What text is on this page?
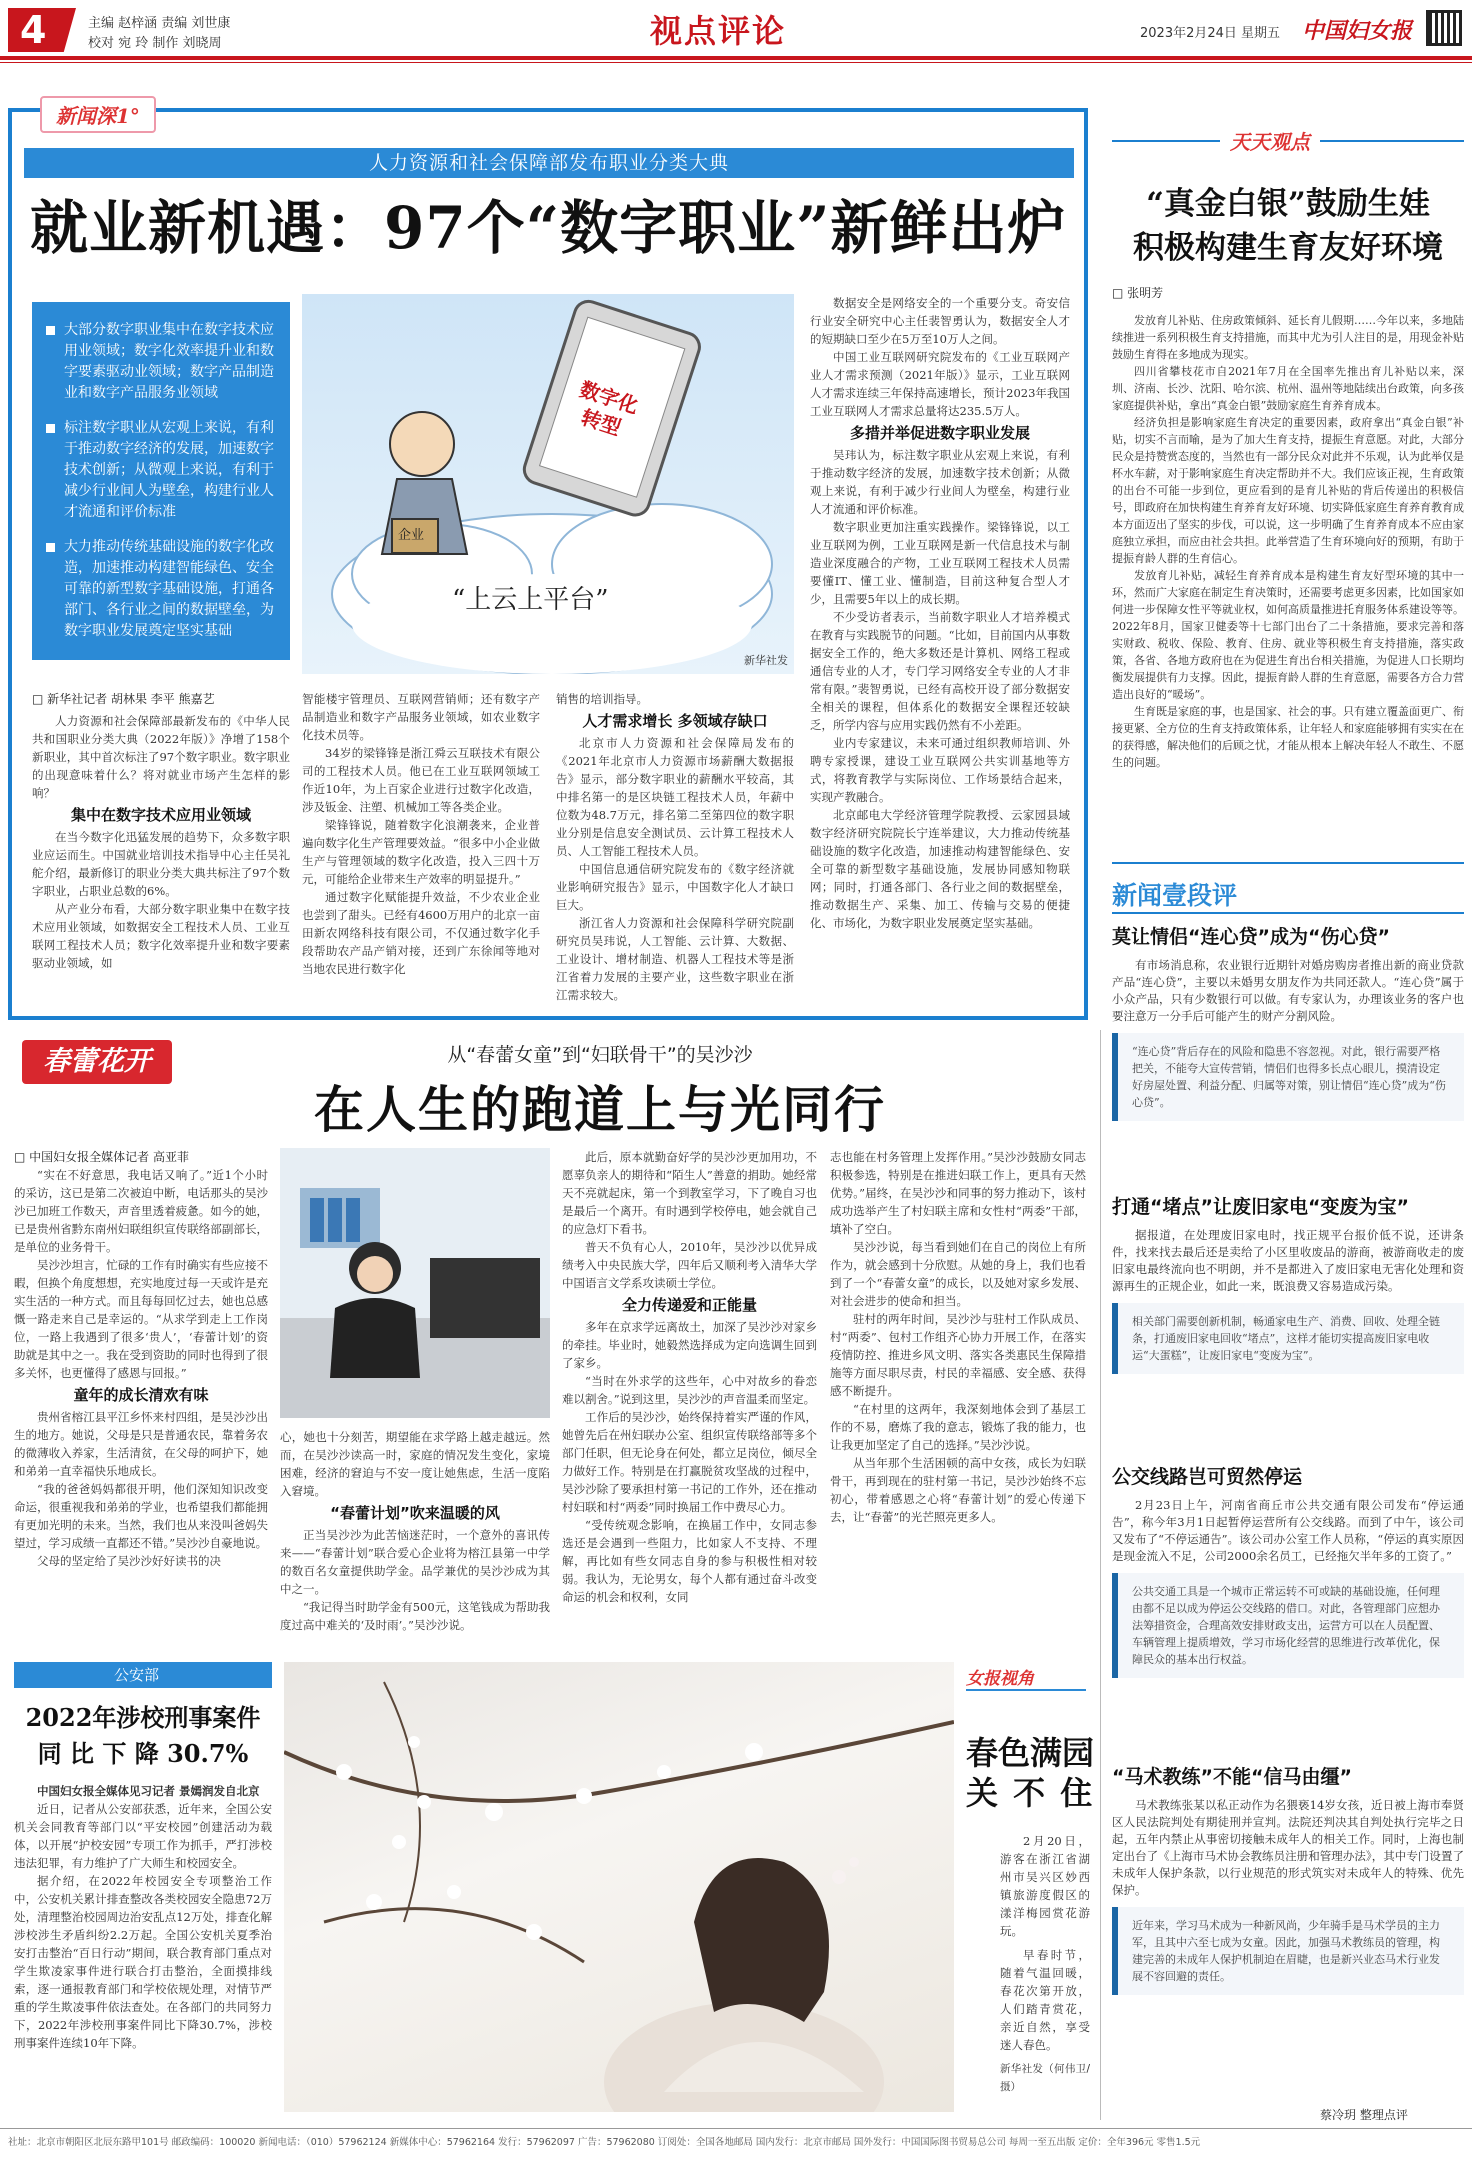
4	主编 赵梓涵 责编 刘世康
校对 宛 玲 制作 刘晓周	视点评论	2023年2月24日 星期五 中国妇女报
新闻深1°
人力资源和社会保障部发布职业分类大典
就业新机遇：97个“数字职业”新鲜出炉

大部分数字职业集中在数字技术应用业领域；数字化效率提升业和数字要素驱动业领域；数字产品制造业和数字产品服务业领域

标注数字职业从宏观上来说，有利于推动数字经济的发展，加速数字技术创新；从微观上来说，有利于减少行业间人为壁垒，构建行业人才流通和评价标准

大力推动传统基础设施的数字化改造，加速推动构建智能绿色、安全可靠的新型数字基础设施，打通各部门、各行业之间的数据壁垒，为数字职业发展奠定坚实基础

数字化转型
“上云上平台”
企业
新华社发
□ 新华社记者 胡林果 李平 熊嘉艺

人力资源和社会保障部最新发布的《中华人民共和国职业分类大典（2022年版）》净增了158个新职业，其中首次标注了97个数字职业。数字职业的出现意味着什么？将对就业市场产生怎样的影响？

集中在数字技术应用业领域

在当今数字化迅猛发展的趋势下，众多数字职业应运而生。中国就业培训技术指导中心主任吴礼舵介绍，最新修订的职业分类大典共标注了97个数字职业，占职业总数的6%。

从产业分布看，大部分数字职业集中在数字技术应用业领域，如数据安全工程技术人员、工业互联网工程技术人员；数字化效率提升业和数字要素驱动业领域，如

智能楼宇管理员、互联网营销师；还有数字产品制造业和数字产品服务业领域，如农业数字化技术员等。

34岁的梁锋锋是浙江舜云互联技术有限公司的工程技术人员。他已在工业互联网领域工作近10年，为上百家企业进行过数字化改造，涉及钣金、注塑、机械加工等各类企业。

梁锋锋说，随着数字化浪潮袭来，企业普遍向数字化生产管理要效益。“很多中小企业做生产与管理领域的数字化改造，投入三四十万元，可能给企业带来生产效率的明显提升。”

通过数字化赋能提升效益，不少农业企业也尝到了甜头。已经有4600万用户的北京一亩田新农网络科技有限公司，不仅通过数字化手段帮助农产品产销对接，还到广东徐闻等地对当地农民进行数字化

销售的培训指导。

人才需求增长 多领域存缺口

北京市人力资源和社会保障局发布的《2021年北京市人力资源市场薪酬大数据报告》显示，部分数字职业的薪酬水平较高，其中排名第一的是区块链工程技术人员，年薪中位数为48.7万元，排名第二至第四位的数字职业分别是信息安全测试员、云计算工程技术人员、人工智能工程技术人员。

中国信息通信研究院发布的《数字经济就业影响研究报告》显示，中国数字化人才缺口巨大。

浙江省人力资源和社会保障科学研究院副研究员吴玮说，人工智能、云计算、大数据、工业设计、增材制造、机器人工程技术等是浙江省着力发展的主要产业，这些数字职业在浙江需求较大。

数据安全是网络安全的一个重要分支。奇安信行业安全研究中心主任裴智勇认为，数据安全人才的短期缺口至少在5万至10万人之间。

中国工业互联网研究院发布的《工业互联网产业人才需求预测（2021年版）》显示，工业互联网人才需求连续三年保持高速增长，预计2023年我国工业互联网人才需求总量将达235.5万人。

多措并举促进数字职业发展

吴玮认为，标注数字职业从宏观上来说，有利于推动数字经济的发展，加速数字技术创新；从微观上来说，有利于减少行业间人为壁垒，构建行业人才流通和评价标准。

数字职业更加注重实践操作。梁锋锋说，以工业互联网为例，工业互联网是新一代信息技术与制造业深度融合的产物，工业互联网工程技术人员需要懂IT、懂工业、懂制造，目前这种复合型人才少，且需要5年以上的成长期。

不少受访者表示，当前数字职业人才培养模式在教育与实践脱节的问题。“比如，目前国内从事数据安全工作的，绝大多数还是计算机、网络工程或通信专业的人才，专门学习网络安全专业的人才非常有限。”裴智勇说，已经有高校开设了部分数据安全相关的课程，但体系化的数据安全课程还较缺乏，所学内容与应用实践仍然有不小差距。

业内专家建议，未来可通过组织教师培训、外聘专家授课，建设工业互联网公共实训基地等方式，将教育教学与实际岗位、工作场景结合起来，实现产教融合。

北京邮电大学经济管理学院教授、云家园县域数字经济研究院院长宁连举建议，大力推动传统基础设施的数字化改造，加速推动构建智能绿色、安全可靠的新型数字基础设施，发展协同感知物联网；同时，打通各部门、各行业之间的数据壁垒，推动数据生产、采集、加工、传输与交易的便捷化、市场化，为数字职业发展奠定坚实基础。

天天观点
“真金白银”鼓励生娃
积极构建生育友好环境
□ 张明芳

发放育儿补贴、住房政策倾斜、延长育儿假期……今年以来，多地陆续推进一系列积极生育支持措施，而其中尤为引人注目的是，用现金补贴鼓励生育得在多地成为现实。

四川省攀枝花市自2021年7月在全国率先推出育儿补贴以来，深圳、济南、长沙、沈阳、哈尔滨、杭州、温州等地陆续出台政策，向多孩家庭提供补贴，拿出“真金白银”鼓励家庭生育养育成本。

经济负担是影响家庭生育决定的重要因素，政府拿出“真金白银”补贴，切实不言而喻，是为了加大生育支持，提振生育意愿。对此，大部分民众是持赞赏态度的，当然也有一部分民众对此并不乐观，认为此举仅是杯水车薪，对于影响家庭生育决定帮助并不大。我们应该正视，生育政策的出台不可能一步到位，更应看到的是育儿补贴的背后传递出的积极信号，即政府在加快构建生育养育友好环境、切实降低家庭生育养育教育成本方面迈出了坚实的步伐，可以说，这一步明确了生育养育成本不应由家庭独立承担，而应由社会共担。此举营造了生育环境向好的预期，有助于提振育龄人群的生育信心。

发放育儿补贴，减轻生育养育成本是构建生育友好型环境的其中一环，然而广大家庭在制定生育决策时，还需要考虑更多因素，比如国家如何进一步保障女性平等就业权，如何高质量推进托育服务体系建设等等。2022年8月，国家卫健委等十七部门出台了二十条措施，要求完善和落实财政、税收、保险、教育、住房、就业等积极生育支持措施，落实政策，各省、各地方政府也在为促进生育出台相关措施，为促进人口长期均衡发展提供有力支撑。因此，提振育龄人群的生育意愿，需要各方合力营造出良好的“暖场”。

生育既是家庭的事，也是国家、社会的事。只有建立覆盖面更广、衔接更紧、全方位的生育支持政策体系，让年轻人和家庭能够拥有实实在在的获得感，解决他们的后顾之忧，才能从根本上解决年轻人不敢生、不愿生的问题。

新闻壹段评
莫让情侣“连心贷”成为“伤心贷”
有市场消息称，农业银行近期针对婚房购房者推出新的商业贷款产品“连心贷”，主要以未婚男女朋友作为共同还款人。“连心贷”属于小众产品，只有少数银行可以做。有专家认为，办理该业务的客户也要注意万一分手后可能产生的财产分割风险。
“连心贷”背后存在的风险和隐患不容忽视。对此，银行需要严格把关，不能夸大宣传营销，情侣们也得多长点心眼儿，摸清设定好房屋处置、利益分配、归属等对策，别让情侣“连心贷”成为“伤心贷”。
打通“堵点”让废旧家电“变废为宝”
据报道，在处理废旧家电时，找正规平台报价低不说，还讲条件，找来找去最后还是卖给了小区里收废品的游商，被游商收走的废旧家电最终流向也不明朗，并不是都进入了废旧家电无害化处理和资源再生的正规企业，如此一来，既浪费又容易造成污染。
相关部门需要创新机制，畅通家电生产、消费、回收、处理全链条，打通废旧家电回收“堵点”，这样才能切实提高废旧家电收运“大蛋糕”，让废旧家电“变废为宝”。
公交线路岂可贸然停运
2月23日上午，河南省商丘市公共交通有限公司发布“停运通告”，称今年3月1日起暂停运营所有公交线路。而到了中午，该公司又发布了“不停运通告”。该公司办公室工作人员称，“停运的真实原因是现金流入不足，公司2000余名员工，已经拖欠半年多的工资了。”
公共交通工具是一个城市正常运转不可或缺的基础设施，任何理由都不足以成为停运公交线路的借口。对此，各管理部门应想办法筹措资金，合理高效安排财政支出，运营方可以在人员配置、车辆管理上提质增效，学习市场化经营的思维进行改革优化，保障民众的基本出行权益。
“马术教练”不能“信马由缰”
马术教练张某以私正动作为名猥亵14岁女孩，近日被上海市奉贤区人民法院判处有期徒刑并宣判。法院还判决其自判处执行完毕之日起，五年内禁止从事密切接触未成年人的相关工作。同时，上海也制定出台了《上海市马术协会教练员注册和管理办法》，其中专门设置了未成年人保护条款，以行业规范的形式筑实对未成年人的特殊、优先保护。
近年来，学习马术成为一种新风尚，少年骑手是马术学员的主力军，且其中六至七成为女童。因此，加强马术教练员的管理，构建完善的未成年人保护机制迫在眉睫，也是新兴业态马术行业发展不容回避的责任。
蔡冷玥 整理点评
春蕾花开	从“春蕾女童”到“妇联骨干”的吴沙沙
在人生的跑道上与光同行
□ 中国妇女报全媒体记者 高亚菲

“实在不好意思，我电话又响了。”近1个小时的采访，这已是第二次被迫中断，电话那头的吴沙沙已加班工作数天，声音里透着疲惫。如今的她，已是贵州省黔东南州妇联组织宣传联络部副部长，是单位的业务骨干。

吴沙沙坦言，忙碌的工作有时确实有些应接不暇，但换个角度想想，充实地度过每一天或许是充实生活的一种方式。而且每每回忆过去，她也总感慨一路走来自己是幸运的。“从求学到走上工作岗位，一路上我遇到了很多‘贵人’，‘春蕾计划’的资助就是其中之一。我在受到资助的同时也得到了很多关怀，也更懂得了感恩与回报。”

童年的成长清欢有味

贵州省榕江县平江乡怀来村四组，是吴沙沙出生的地方。她说，父母是只是普通农民，靠着务农的微薄收入养家，生活清贫，在父母的呵护下，她和弟弟一直幸福快乐地成长。

“我的爸爸妈妈都很开明，他们深知知识改变命运，很重视我和弟弟的学业，也希望我们都能拥有更加光明的未来。当然，我们也从来没叫爸妈失望过，学习成绩一直都还不错。”吴沙沙自豪地说。

父母的坚定给了吴沙沙好好读书的决

心，她也十分刻苦，期望能在求学路上越走越远。然而，在吴沙沙读高一时，家庭的情况发生变化，家境困难，经济的窘迫与不安一度让她焦虑，生活一度陷入窘境。

“春蕾计划”吹来温暖的风

正当吴沙沙为此苦恼迷茫时，一个意外的喜讯传来——“春蕾计划”联合爱心企业将为榕江县第一中学的数百名女童提供助学金。品学兼优的吴沙沙成为其中之一。

“我记得当时助学金有500元，这笔钱成为帮助我度过高中难关的‘及时雨’。”吴沙沙说。

此后，原本就勤奋好学的吴沙沙更加用功，不愿辜负亲人的期待和“陌生人”善意的捐助。她经常天不亮就起床，第一个到教室学习，下了晚自习也是最后一个离开。有时遇到学校停电，她会就自己的应急灯下看书。

普天不负有心人，2010年，吴沙沙以优异成绩考入中央民族大学，四年后又顺利考入清华大学中国语言文学系攻读硕士学位。

全力传递爱和正能量

多年在京求学远离故土，加深了吴沙沙对家乡的牵挂。毕业时，她毅然选择成为定向选调生回到了家乡。

“当时在外求学的这些年，心中对故乡的眷恋难以割舍。”说到这里，吴沙沙的声音温柔而坚定。

工作后的吴沙沙，始终保持着实严谨的作风，她曾先后在州妇联办公室、组织宣传联络部等多个部门任职，但无论身在何处，都立足岗位，倾尽全力做好工作。特别是在打赢脱贫攻坚战的过程中，吴沙沙除了要承担村第一书记的工作外，还在推动村妇联和村“两委”同时换届工作中费尽心力。

“受传统观念影响，在换届工作中，女同志参选还是会遇到一些阻力，比如家人不支持、不理解，再比如有些女同志自身的参与积极性相对较弱。我认为，无论男女，每个人都有通过奋斗改变命运的机会和权利，女同

志也能在村务管理上发挥作用。”吴沙沙鼓励女同志积极参选，特别是在推进妇联工作上，更具有天然优势。”届终，在吴沙沙和同事的努力推动下，该村成功选举产生了村妇联主席和女性村“两委”干部，填补了空白。

吴沙沙说，每当看到她们在自己的岗位上有所作为，就会感到十分欣慰。从她的身上，我们也看到了一个“春蕾女童”的成长，以及她对家乡发展、对社会进步的使命和担当。

驻村的两年时间，吴沙沙与驻村工作队成员、村“两委”、包村工作组齐心协力开展工作，在落实疫情防控、推进乡风文明、落实各类惠民生保障措施等方面尽职尽责，村民的幸福感、安全感、获得感不断提升。

“在村里的这两年，我深刻地体会到了基层工作的不易，磨炼了我的意志，锻炼了我的能力，也让我更加坚定了自己的选择。”吴沙沙说。

从当年那个生活困顿的高中女孩，成长为妇联骨干，再到现在的驻村第一书记，吴沙沙始终不忘初心，带着感恩之心将“春蕾计划”的爱心传递下去，让“春蕾”的光芒照亮更多人。

公安部
2022年涉校刑事案件
同 比 下 降 30.7%

中国妇女报全媒体见习记者 景嫣润发自北京

近日，记者从公安部获悉，近年来，全国公安机关会同教育等部门以“平安校园”创建活动为载体，以开展“护校安园”专项工作为抓手，严打涉校违法犯罪，有力维护了广大师生和校园安全。

据介绍，在2022年校园安全专项整治工作中，公安机关累计排查整改各类校园安全隐患72万处，清理整治校园周边治安乱点12万处，排查化解涉校涉生矛盾纠纷2.2万起。全国公安机关夏季治安打击整治“百日行动”期间，联合教育部门重点对学生欺凌家事件进行联合打击整治，全面摸排线索，逐一通报教育部门和学校依规处理，对情节严重的学生欺凌事件依法查处。在各部门的共同努力下，2022年涉校刑事案件同比下降30.7%，涉校刑事案件连续10年下降。

女报视角
春色满园
关 不 住

2月20日，游客在浙江省湖州市吴兴区妙西镇旅游度假区的漾洋梅园赏花游玩。

早春时节，随着气温回暖，春花次第开放，人们踏青赏花，亲近自然，享受迷人春色。

新华社发（何伟卫/摄）

社址：北京市朝阳区北辰东路甲101号 邮政编码：100020 新闻电话：（010）57962124 新媒体中心：57962164 发行：57962097 广告：57962080 订阅处：全国各地邮局 国内发行：北京市邮局 国外发行：中国国际图书贸易总公司 每周一至五出版 定价：全年396元 零售1.5元
